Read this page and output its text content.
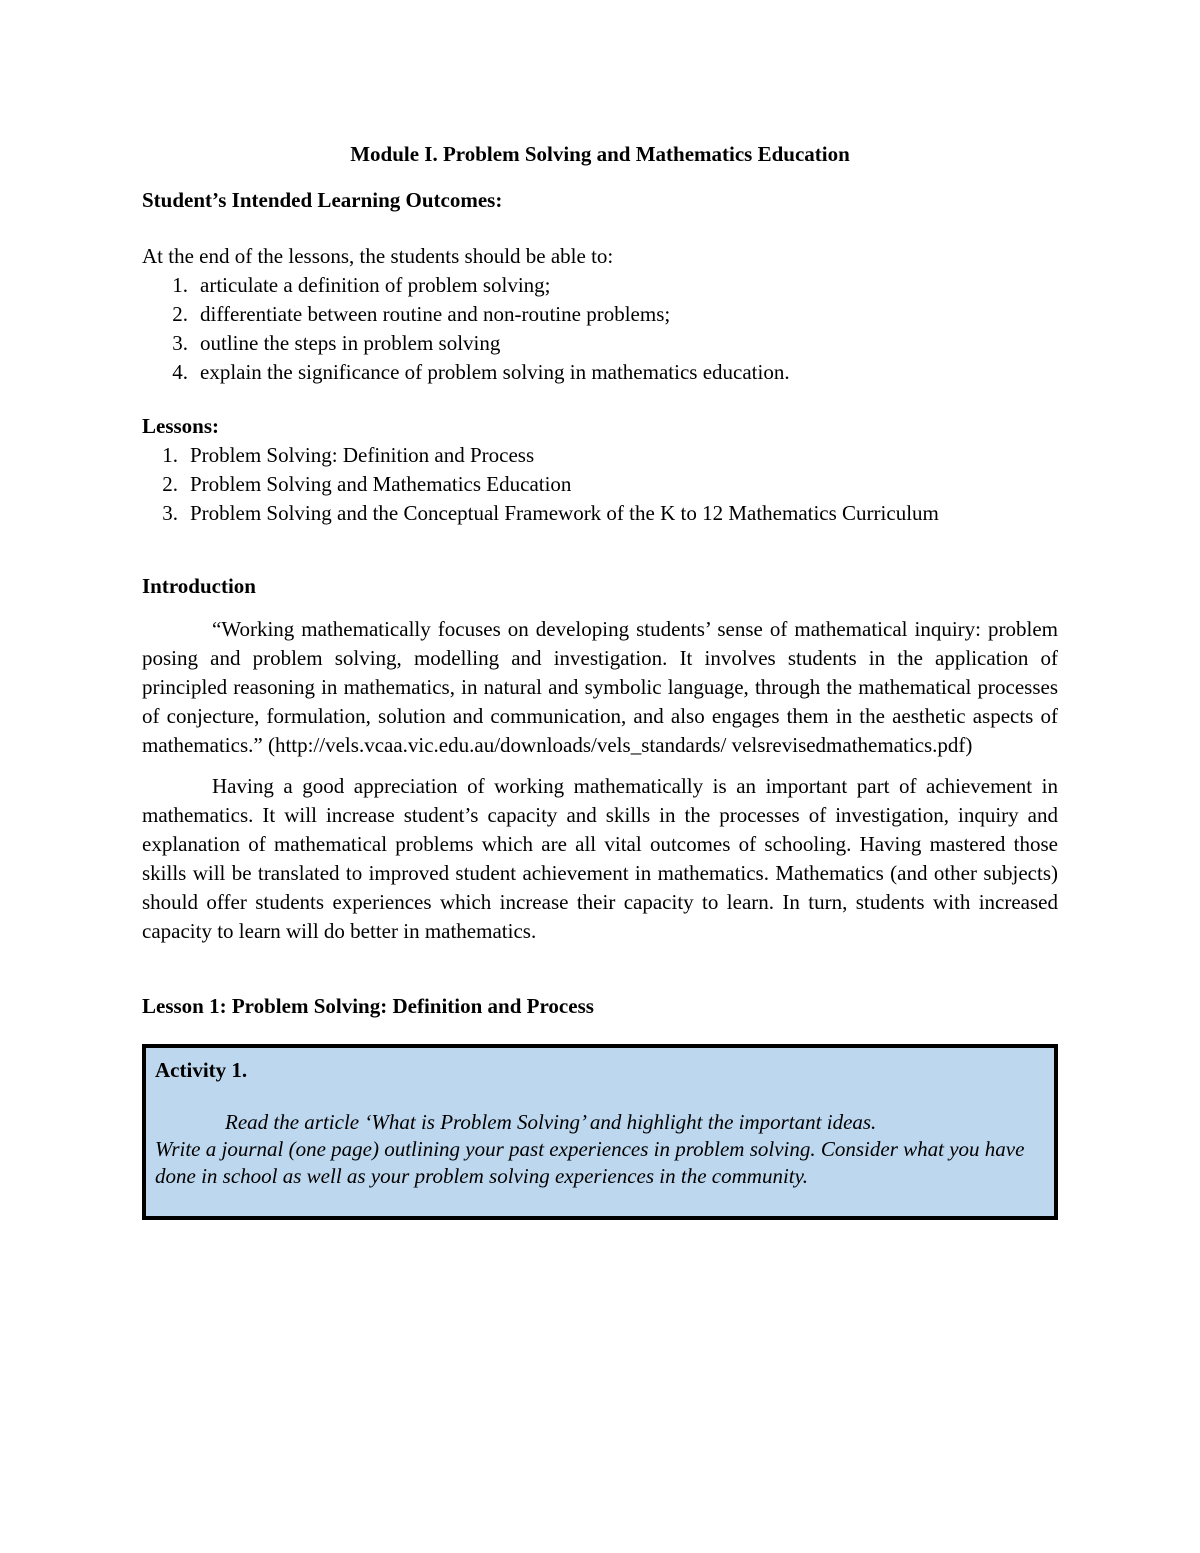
Module I. Problem Solving and Mathematics Education

Student’s Intended Learning Outcomes:

At the end of the lessons, the students should be able to:

1. articulate a definition of problem solving;
2. differentiate between routine and non-routine problems;
3. outline the steps in problem solving
4. explain the significance of problem solving in mathematics education.

Lessons:

1. Problem Solving: Definition and Process
2. Problem Solving and Mathematics Education
3. Problem Solving and the Conceptual Framework of the K to 12 Mathematics Curriculum

Introduction

“Working mathematically focuses on developing students’ sense of mathematical inquiry: problem posing and problem solving, modelling and investigation. It involves students in the application of principled reasoning in mathematics, in natural and symbolic language, through the mathematical processes of conjecture, formulation, solution and communication, and also engages them in the aesthetic aspects of mathematics.” (http://vels.vcaa.vic.edu.au/downloads/vels_standards/ velsrevisedmathematics.pdf)

Having a good appreciation of working mathematically is an important part of achievement in mathematics. It will increase student’s capacity and skills in the processes of investigation, inquiry and explanation of mathematical problems which are all vital outcomes of schooling. Having mastered those skills will be translated to improved student achievement in mathematics. Mathematics (and other subjects) should offer students experiences which increase their capacity to learn. In turn, students with increased capacity to learn will do better in mathematics.

Lesson 1: Problem Solving: Definition and Process

Activity 1.

Read the article ‘What is Problem Solving’ and highlight the important ideas.
Write a journal (one page) outlining your past experiences in problem solving. Consider what you have done in school as well as your problem solving experiences in the community.
